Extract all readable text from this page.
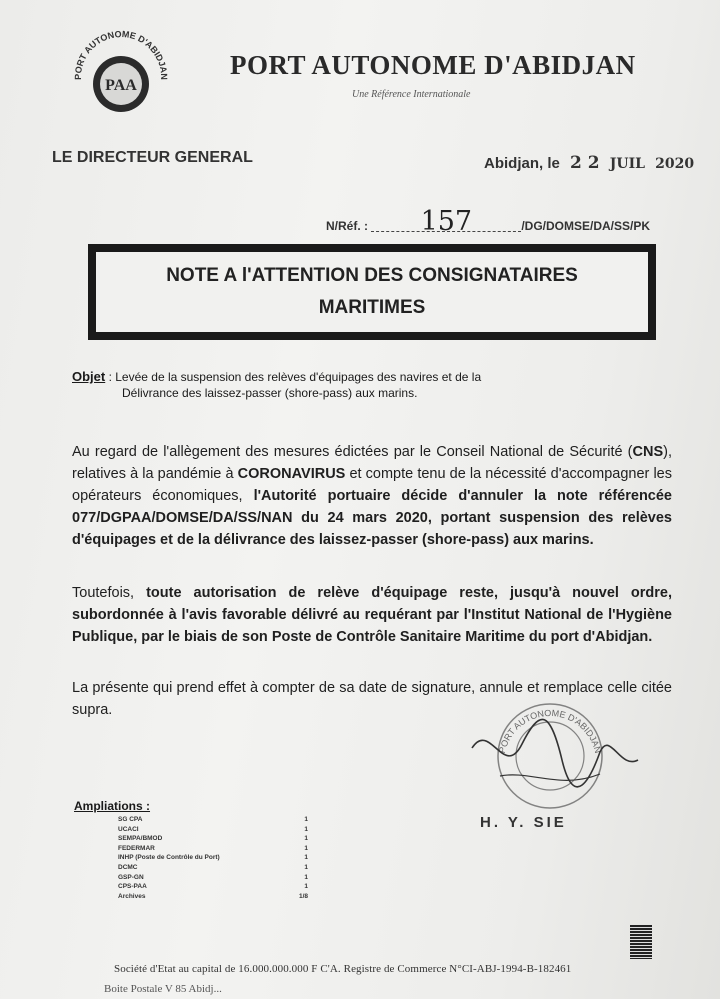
PAA
PORT AUTONOME D'ABIDJAN PORT AUTONOME D'ABIDJAN
Une Référence Internationale
LE DIRECTEUR GENERAL	Abidjan, le 2 2 JUIL 2020
N/Réf. : 157	/DG/DOMSE/DA/SS/PK
NOTE A l'ATTENTION DES CONSIGNATAIRES MARITIMES
Objet : Levée de la suspension des relèves d'équipages des navires et de la
Délivrance des laissez-passer (shore-pass) aux marins.
Au regard de l'allègement des mesures édictées par le Conseil National de Sécurité (CNS), relatives à la pandémie à CORONAVIRUS et compte tenu de la nécessité d'accompagner les opérateurs économiques, l'Autorité portuaire décide d'annuler la note référencée 077/DGPAA/DOMSE/DA/SS/NAN du 24 mars 2020, portant suspension des relèves d'équipages et de la délivrance des laissez-passer (shore-pass) aux marins.
Toutefois, toute autorisation de relève d'équipage reste, jusqu'à nouvel ordre, subordonnée à l'avis favorable délivré au requérant par l'Institut National de l'Hygiène Publique, par le biais de son Poste de Contrôle Sanitaire Maritime du port d'Abidjan.
La présente qui prend effet à compter de sa date de signature, annule et remplace celle citée supra.
PORT AUTONOME D'ABIDJAN
H. Y. SIE
Ampliations :
SG CPA	1
UCACI	1
SEMPA/BMOD	1
FEDERMAR	1
INHP (Poste de Contrôle du Port)	1
DCMC	1
GSP-GN	1
CPS-PAA	1
Archives	1/8
Société d'Etat au capital de 16.000.000.000 F C'A. Registre de Commerce N°CI-ABJ-1994-B-182461
Boite Postale V 85 Abidj...
